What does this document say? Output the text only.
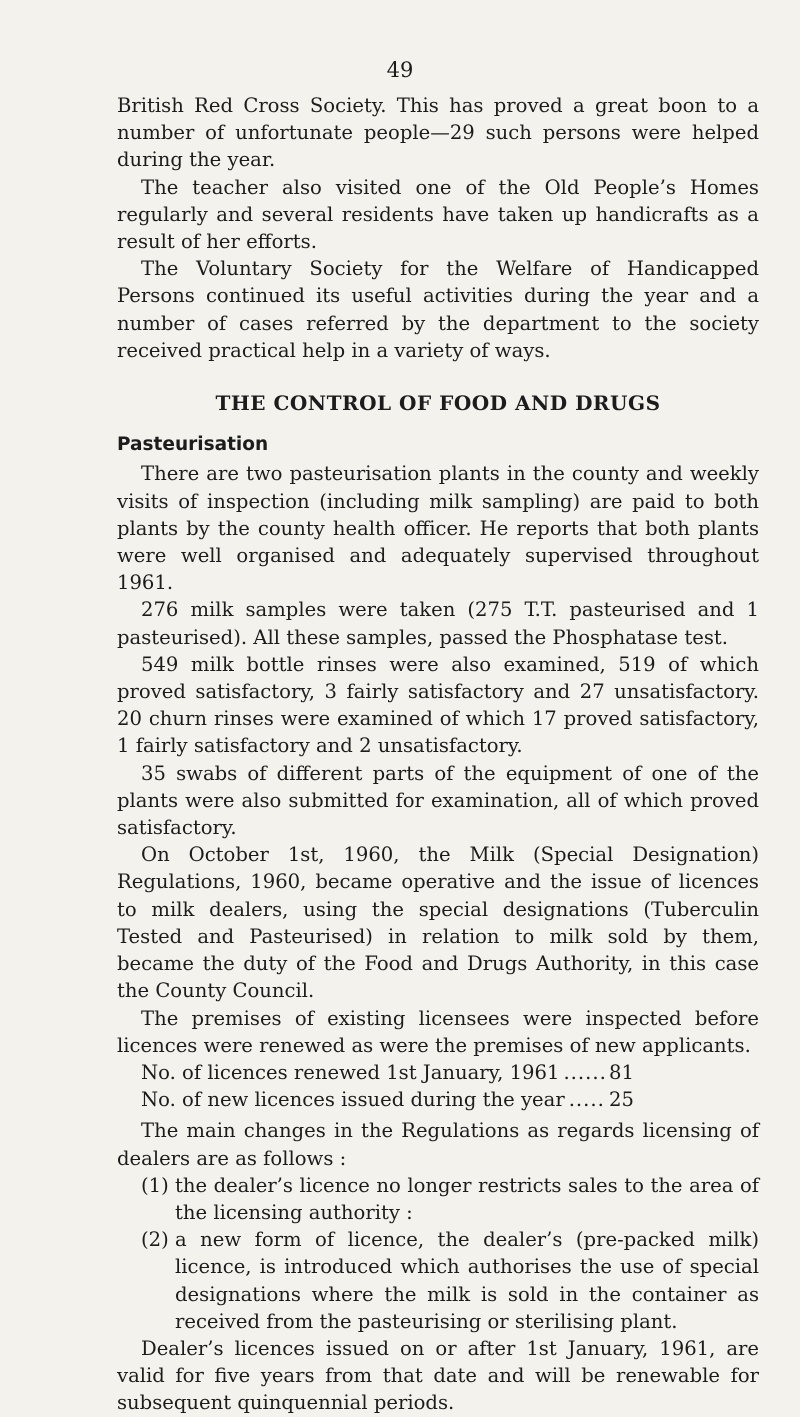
49

British Red Cross Society. This has proved a great boon to a number of unfortunate people—29 such persons were helped during the year.

The teacher also visited one of the Old People’s Homes regularly and several residents have taken up handicrafts as a result of her efforts.

The Voluntary Society for the Welfare of Handicapped Persons continued its useful activities during the year and a number of cases referred by the department to the society received practical help in a variety of ways.

THE CONTROL OF FOOD AND DRUGS
Pasteurisation

There are two pasteurisation plants in the county and weekly visits of inspection (including milk sampling) are paid to both plants by the county health officer. He reports that both plants were well organised and adequately supervised throughout 1961.

276 milk samples were taken (275 T.T. pasteurised and 1 pasteurised). All these samples, passed the Phosphatase test.

549 milk bottle rinses were also examined, 519 of which proved satisfactory, 3 fairly satisfactory and 27 unsatisfactory. 20 churn rinses were examined of which 17 proved satisfactory, 1 fairly satisfactory and 2 unsatisfactory.

35 swabs of different parts of the equipment of one of the plants were also submitted for examination, all of which proved satisfactory.

On October 1st, 1960, the Milk (Special Designation) Regulations, 1960, became operative and the issue of licences to milk dealers, using the special designations (Tuberculin Tested and Pasteurised) in relation to milk sold by them, became the duty of the Food and Drugs Authority, in this case the County Council.

The premises of existing licensees were inspected before licences were renewed as were the premises of new applicants.

No. of licences renewed 1st January, 1961 .....	81
No. of new licences issued during the year ..... 25

The main changes in the Regulations as regards licensing of dealers are as follows :

(1) the dealer’s licence no longer restricts sales to the area of the licensing authority :
(2) a new form of licence, the dealer’s (pre-packed milk) licence, is introduced which authorises the use of special designations where the milk is sold in the container as received from the pasteurising or sterilising plant.

Dealer’s licences issued on or after 1st January, 1961, are valid for five years from that date and will be renewable for subsequent quinquennial periods.
